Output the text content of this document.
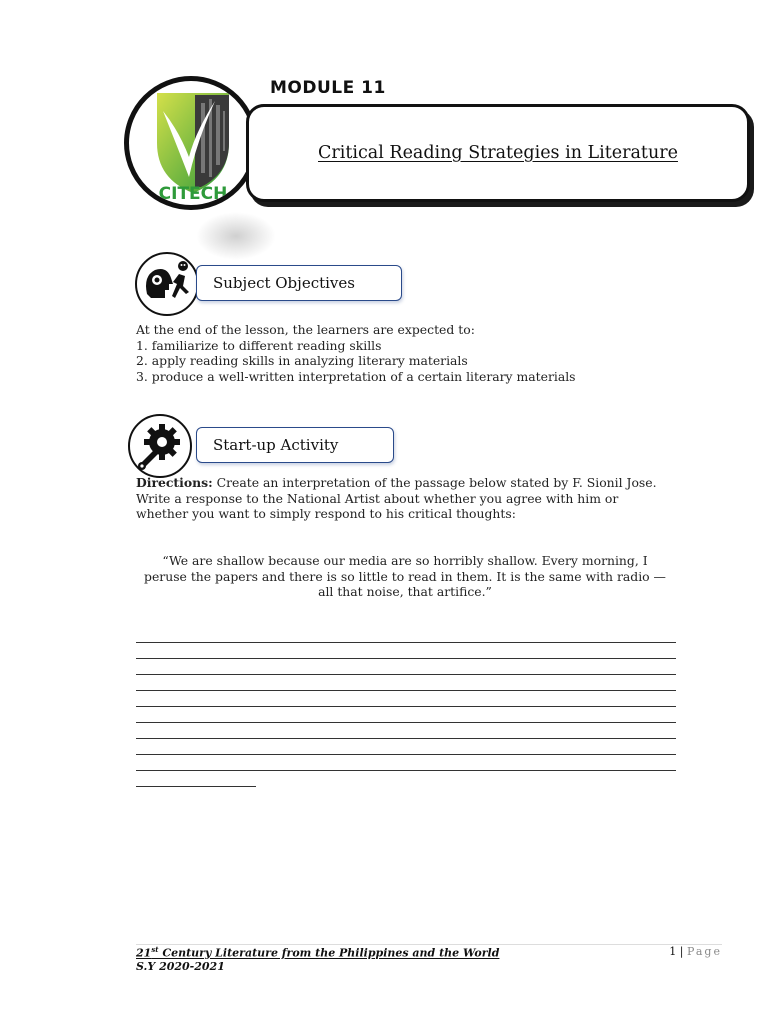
CITECH
MODULE 11
Critical Reading Strategies in Literature
Subject Objectives

At the end of the lesson, the learners are expected to:

1. familiarize to different reading skills

2. apply reading skills in analyzing literary materials

3. produce a well-written interpretation of a certain literary materials

Start-up Activity
Directions: Create an interpretation of the passage below stated by F. Sionil Jose. Write a response to the National Artist about whether you agree with him or whether you want to simply respond to his critical thoughts:
“We are shallow because our media are so horribly shallow. Every morning, I peruse the papers and there is so little to read in them. It is the same with radio — all that noise, that artifice.”
21st Century Literature from the Philippines and the World
S.Y 2020-2021
1 | Page
